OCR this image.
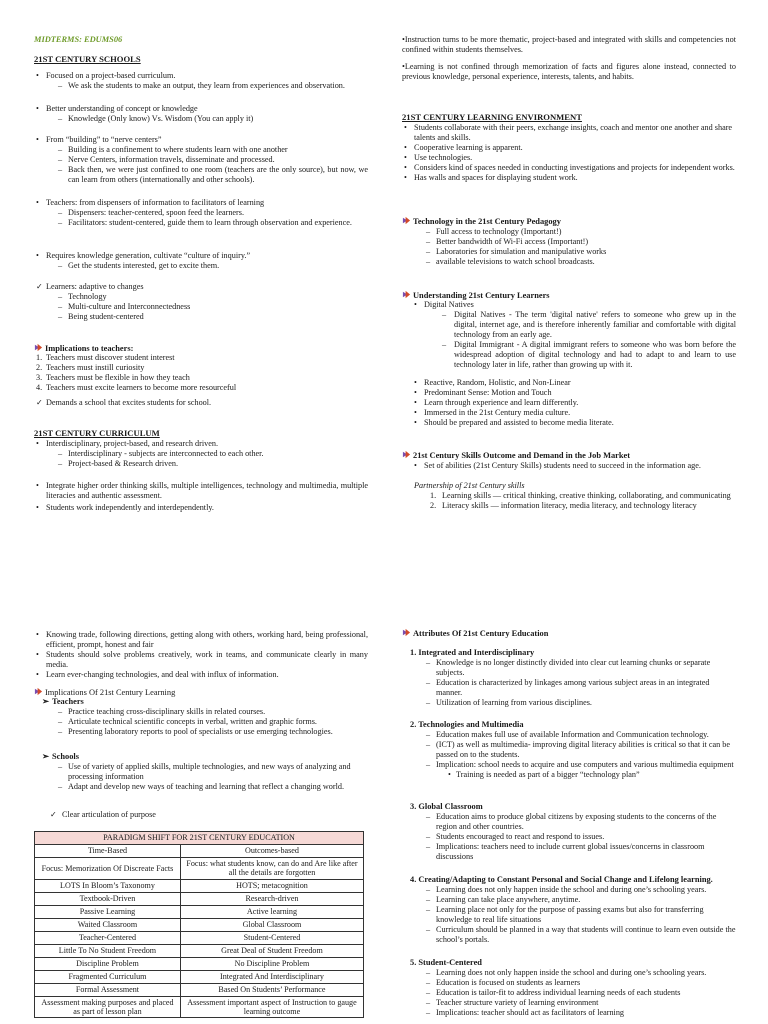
MIDTERMS: EDUMS06
21ST CENTURY SCHOOLS
• Focused on a project-based curriculum.
– We ask the students to make an output, they learn from experiences and observation.
• Better understanding of concept or knowledge
– Knowledge (Only know) Vs. Wisdom (You can apply it)
• From “building” to “nerve centers”
– Building is a confinement to where students learn with one another
– Nerve Centers, information travels, disseminate and processed.
– Back then, we were just confined to one room (teachers are the only source), but now, we can learn from others (internationally and other schools).
• Teachers: from dispensers of information to facilitators of learning
– Dispensers: teacher-centered, spoon feed the learners.
– Facilitators: student-centered, guide them to learn through observation and experience.
• Requires knowledge generation, cultivate “culture of inquiry.”
– Get the students interested, get to excite them.
✓ Learners: adaptive to changes
– Technology
– Multi-culture and Interconnectedness
– Being student-centered
Implications to teachers:
1. Teachers must discover student interest
2. Teachers must instill curiosity
3. Teachers must be flexible in how they teach
4. Teachers must excite learners to become more resourceful
✓ Demands a school that excites students for school.
21ST CENTURY CURRICULUM
• Interdisciplinary, project-based, and research driven.
– Interdisciplinary - subjects are interconnected to each other.
– Project-based & Research driven.
• Integrate higher order thinking skills, multiple intelligences, technology and multimedia, multiple literacies and authentic assessment.
• Students work independently and interdependently.
•Instruction turns to be more thematic, project-based and integrated with skills and competencies not confined within students themselves.
•Learning is not confined through memorization of facts and figures alone instead, connected to previous knowledge, personal experience, interests, talents, and habits.
21ST CENTURY LEARNING ENVIRONMENT
• Students collaborate with their peers, exchange insights, coach and mentor one another and share talents and skills.
• Cooperative learning is apparent.
• Use technologies.
• Considers kind of spaces needed in conducting investigations and projects for independent works.
• Has walls and spaces for displaying student work.
Technology in the 21st Century Pedagogy
– Full access to technology (Important!)
– Better bandwidth of Wi-Fi access (Important!)
– Laboratories for simulation and manipulative works
– available televisions to watch school broadcasts.
Understanding 21st Century Learners
• Digital Natives
– Digital Natives - The term 'digital native' refers to someone who grew up in the digital, internet age, and is therefore inherently familiar and comfortable with digital technology from an early age.
– Digital Immigrant - A digital immigrant refers to someone who was born before the widespread adoption of digital technology and had to adapt to and learn to use technology later in life, rather than growing up with it.
• Reactive, Random, Holistic, and Non-Linear
• Predominant Sense: Motion and Touch
• Learn through experience and learn differently.
• Immersed in the 21st Century media culture.
• Should be prepared and assisted to become media literate.
21st Century Skills Outcome and Demand in the Job Market
• Set of abilities (21st Century Skills) students need to succeed in the information age.
Partnership of 21st Century skills
1. Learning skills — critical thinking, creative thinking, collaborating, and communicating
2. Literacy skills — information literacy, media literacy, and technology literacy
• Knowing trade, following directions, getting along with others, working hard, being professional, efficient, prompt, honest and fair
• Students should solve problems creatively, work in teams, and communicate clearly in many media.
• Learn ever-changing technologies, and deal with influx of information.
Implications Of 21st Century Learning
➢ Teachers
– Practice teaching cross-disciplinary skills in related courses.
– Articulate technical scientific concepts in verbal, written and graphic forms.
– Presenting laboratory reports to pool of specialists or use emerging technologies.
➢ Schools
– Use of variety of applied skills, multiple technologies, and new ways of analyzing and processing information
– Adapt and develop new ways of teaching and learning that reflect a changing world.
✓ Clear articulation of purpose
PARADIGM SHIFT FOR 21ST CENTURY EDUCATION	
Time-Based	Outcomes-based
Focus: Memorization Of Discreate Facts	Focus: what students know, can do and Are like after all the details are forgotten
LOTS In Bloom’s Taxonomy	HOTS; metacognition
Textbook-Driven	Research-driven
Passive Learning	Active learning
Waited Classroom	Global Classroom
Teacher-Centered	Student-Centered
Little To No Student Freedom	Great Deal of Student Freedom
Discipline Problem	No Discipline Problem
Fragmented Curriculum	Integrated And Interdisciplinary
Formal Assessment	Based On Students’ Performance
Assessment making purposes and placed as part of lesson plan	Assessment important aspect of Instruction to gauge learning outcome
Attributes Of 21st Century Education
1. Integrated and Interdisciplinary
– Knowledge is no longer distinctly divided into clear cut learning chunks or separate subjects.
– Education is characterized by linkages among various subject areas in an integrated manner.
– Utilization of learning from various disciplines.
2. Technologies and Multimedia
– Education makes full use of available Information and Communication technology.
– (ICT) as well as multimedia- improving digital literacy abilities is critical so that it can be passed on to the students.
– Implication: school needs to acquire and use computers and various multimedia equipment
• Training is needed as part of a bigger “technology plan”
3. Global Classroom
– Education aims to produce global citizens by exposing students to the concerns of the region and other countries.
– Students encouraged to react and respond to issues.
– Implications: teachers need to include current global issues/concerns in classroom discussions
4. Creating/Adapting to Constant Personal and Social Change and Lifelong learning.
– Learning does not only happen inside the school and during one’s schooling years.
– Learning can take place anywhere, anytime.
– Learning place not only for the purpose of passing exams but also for transferring knowledge to real life situations
– Curriculum should be planned in a way that students will continue to learn even outside the school’s portals.
5. Student-Centered
– Learning does not only happen inside the school and during one’s schooling years.
– Education is focused on students as learners
– Education is tailor-fit to address individual learning needs of each students
– Teacher structure variety of learning environment
– Implications: teacher should act as facilitators of learning
